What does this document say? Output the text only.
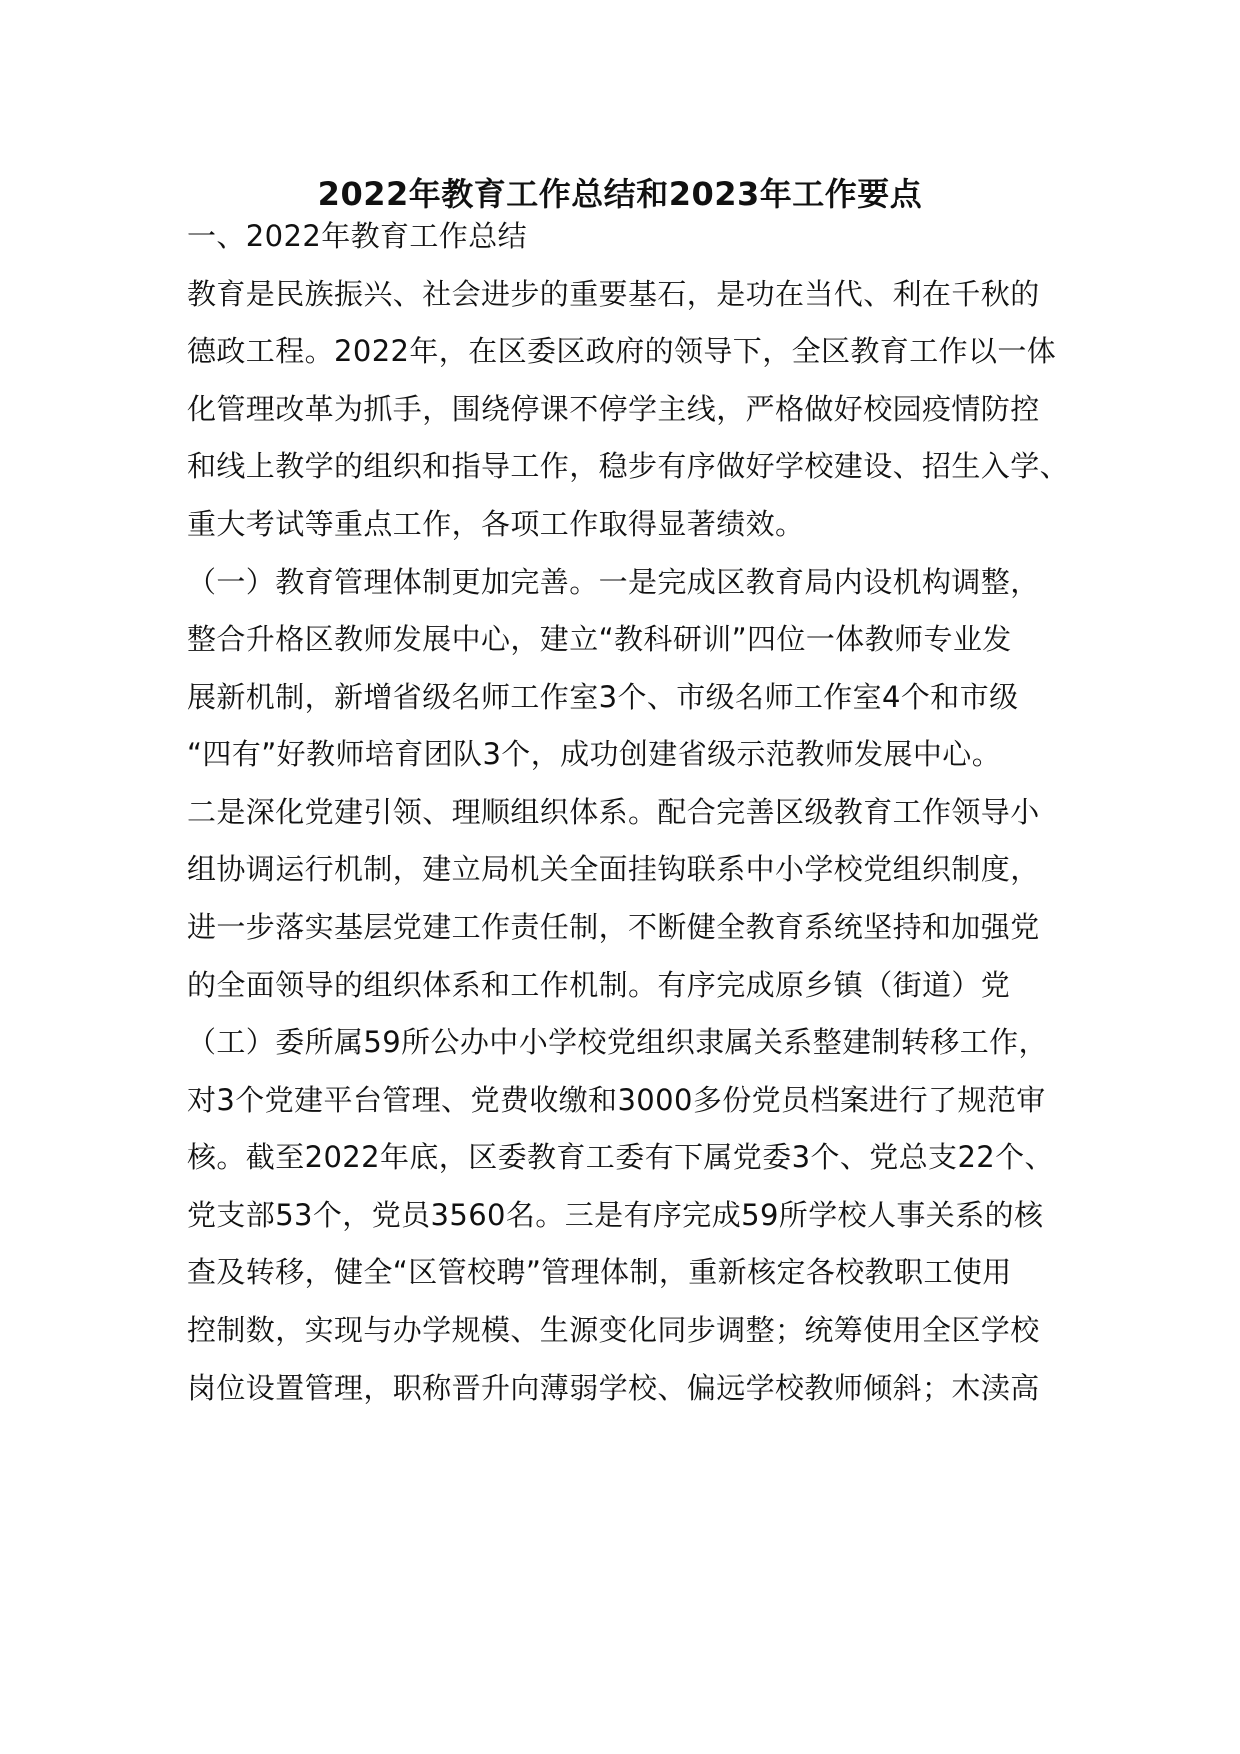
2022年教育工作总结和2023年工作要点
一、2022年教育工作总结
教育是民族振兴、社会进步的重要基石，是功在当代、利在千秋的
德政工程。2022年，在区委区政府的领导下，全区教育工作以一体
化管理改革为抓手，围绕停课不停学主线，严格做好校园疫情防控
和线上教学的组织和指导工作，稳步有序做好学校建设、招生入学、
重大考试等重点工作，各项工作取得显著绩效。
（一）教育管理体制更加完善。一是完成区教育局内设机构调整，
整合升格区教师发展中心，建立“教科研训”四位一体教师专业发
展新机制，新增省级名师工作室3个、市级名师工作室4个和市级
“四有”好教师培育团队3个，成功创建省级示范教师发展中心。
二是深化党建引领、理顺组织体系。配合完善区级教育工作领导小
组协调运行机制，建立局机关全面挂钩联系中小学校党组织制度，
进一步落实基层党建工作责任制，不断健全教育系统坚持和加强党
的全面领导的组织体系和工作机制。有序完成原乡镇（街道）党
（工）委所属59所公办中小学校党组织隶属关系整建制转移工作，
对3个党建平台管理、党费收缴和3000多份党员档案进行了规范审
核。截至2022年底，区委教育工委有下属党委3个、党总支22个、
党支部53个，党员3560名。三是有序完成59所学校人事关系的核
查及转移，健全“区管校聘”管理体制，重新核定各校教职工使用
控制数，实现与办学规模、生源变化同步调整；统筹使用全区学校
岗位设置管理，职称晋升向薄弱学校、偏远学校教师倾斜；木渎高
